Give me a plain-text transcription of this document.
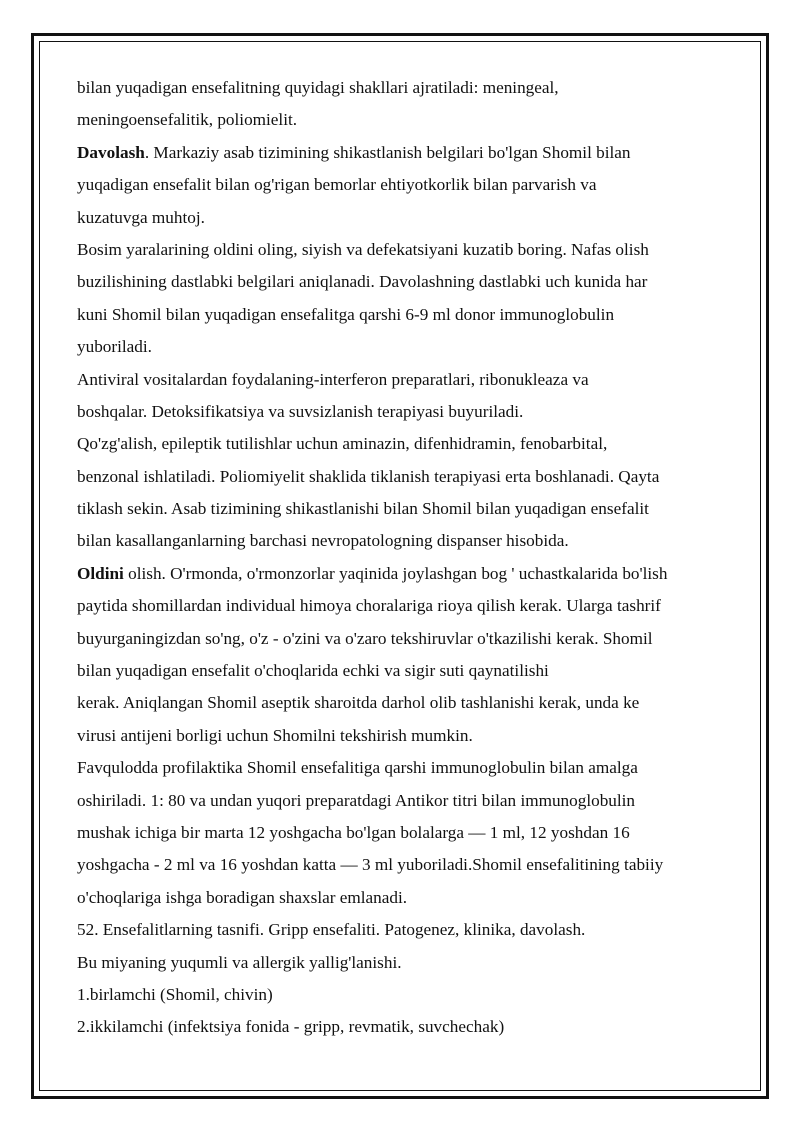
bilan yuqadigan ensefalitning quyidagi shakllari ajratiladi: meningeal,
meningoensefalitik, poliomielit.
Davolash. Markaziy asab tizimining shikastlanish belgilari bo'lgan Shomil bilan
yuqadigan ensefalit bilan og'rigan bemorlar ehtiyotkorlik bilan parvarish va
kuzatuvga muhtoj.
Bosim yaralarining oldini oling, siyish va defekatsiyani kuzatib boring. Nafas olish
buzilishining dastlabki belgilari aniqlanadi. Davolashning dastlabki uch kunida har
kuni Shomil bilan yuqadigan ensefalitga qarshi 6-9 ml donor immunoglobulin
yuboriladi.
Antiviral vositalardan foydalaning-interferon preparatlari, ribonukleaza va
boshqalar. Detoksifikatsiya va suvsizlanish terapiyasi buyuriladi.
Qo'zg'alish, epileptik tutilishlar uchun aminazin, difenhidramin, fenobarbital,
benzonal ishlatiladi. Poliomiyelit shaklida tiklanish terapiyasi erta boshlanadi. Qayta
tiklash sekin. Asab tizimining shikastlanishi bilan Shomil bilan yuqadigan ensefalit
bilan kasallanganlarning barchasi nevropatologning dispanser hisobida.
Oldini olish. O'rmonda, o'rmonzorlar yaqinida joylashgan bog ' uchastkalarida bo'lish
paytida shomillardan individual himoya choralariga rioya qilish kerak. Ularga tashrif
buyurganingizdan so'ng, o'z - o'zini va o'zaro tekshiruvlar o'tkazilishi kerak. Shomil
bilan yuqadigan ensefalit o'choqlarida echki va sigir suti qaynatilishi
kerak. Aniqlangan Shomil aseptik sharoitda darhol olib tashlanishi kerak, unda ke
virusi antijeni borligi uchun Shomilni tekshirish mumkin.
Favqulodda profilaktika Shomil ensefalitiga qarshi immunoglobulin bilan amalga
oshiriladi. 1: 80 va undan yuqori preparatdagi Antikor titri bilan immunoglobulin
mushak ichiga bir marta 12 yoshgacha bo'lgan bolalarga — 1 ml, 12 yoshdan 16
yoshgacha - 2 ml va 16 yoshdan katta — 3 ml yuboriladi.Shomil ensefalitining tabiiy
o'choqlariga ishga boradigan shaxslar emlanadi.
52. Ensefalitlarning tasnifi. Gripp ensefaliti. Patogenez, klinika, davolash.
Bu miyaning yuqumli va allergik yallig'lanishi.
1.birlamchi (Shomil, chivin)
2.ikkilamchi (infektsiya fonida - gripp, revmatik, suvchechak)
